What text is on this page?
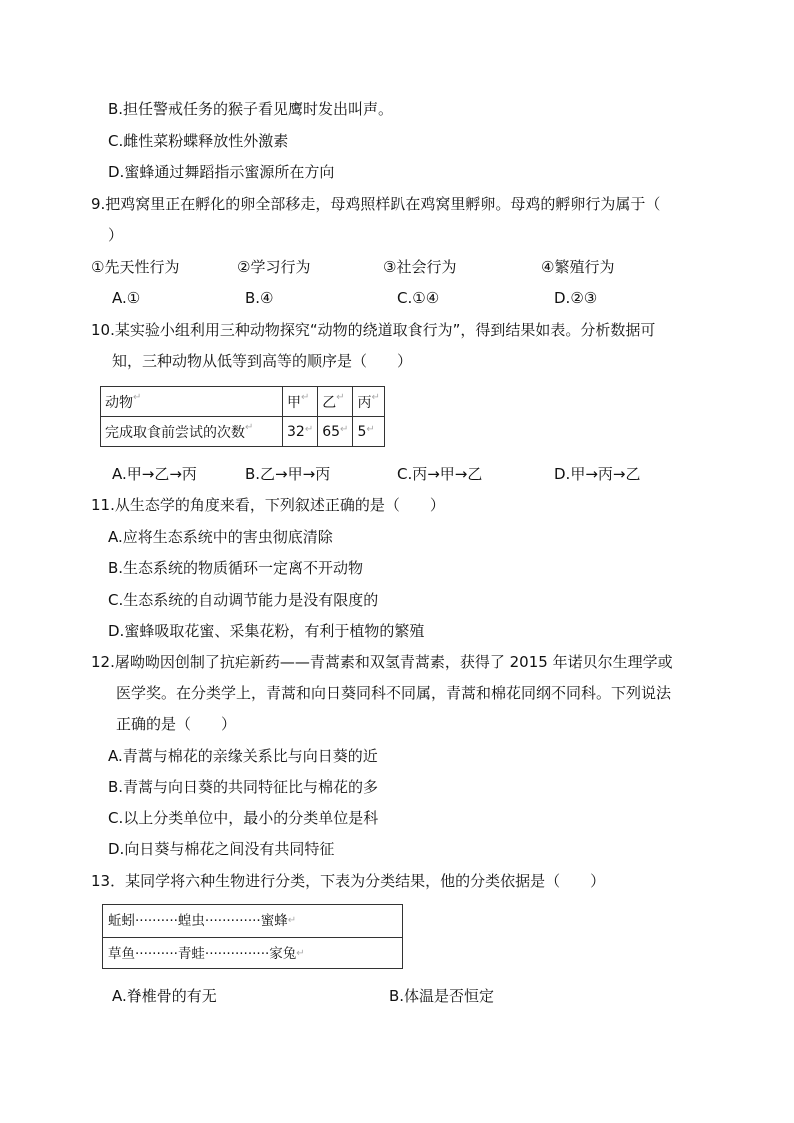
B.担任警戒任务的猴子看见鹰时发出叫声。
C.雌性菜粉蝶释放性外激素
D.蜜蜂通过舞蹈指示蜜源所在方向
9.把鸡窝里正在孵化的卵全部移走，母鸡照样趴在鸡窝里孵卵。母鸡的孵卵行为属于（
）
①先天性行为	②学习行为	③社会行为	④繁殖行为
A.①	B.④	C.①④	D.②③
10.某实验小组利用三种动物探究“动物的绕道取食行为”，得到结果如表。分析数据可
知，三种动物从低等到高等的顺序是（　　）
动物↵	甲↵	乙↵	丙↵
完成取食前尝试的次数↵	32↵	65↵	5↵
A.甲→乙→丙	B.乙→甲→丙	C.丙→甲→乙	D.甲→丙→乙
11.从生态学的角度来看，下列叙述正确的是（　　）
A.应将生态系统中的害虫彻底清除
B.生态系统的物质循环一定离不开动物
C.生态系统的自动调节能力是没有限度的
D.蜜蜂吸取花蜜、采集花粉，有利于植物的繁殖
12.屠呦呦因创制了抗疟新药——青蒿素和双氢青蒿素，获得了 2015 年诺贝尔生理学或
医学奖。在分类学上，青蒿和向日葵同科不同属，青蒿和棉花同纲不同科。下列说法
正确的是（　　）
A.青蒿与棉花的亲缘关系比与向日葵的近
B.青蒿与向日葵的共同特征比与棉花的多
C.以上分类单位中，最小的分类单位是科
D.向日葵与棉花之间没有共同特征
13．某同学将六种生物进行分类，下表为分类结果，他的分类依据是（　　）
蚯蚓··········蝗虫·············蜜蜂↵
草鱼··········青蛙···············家兔↵
A.脊椎骨的有无	B.体温是否恒定
